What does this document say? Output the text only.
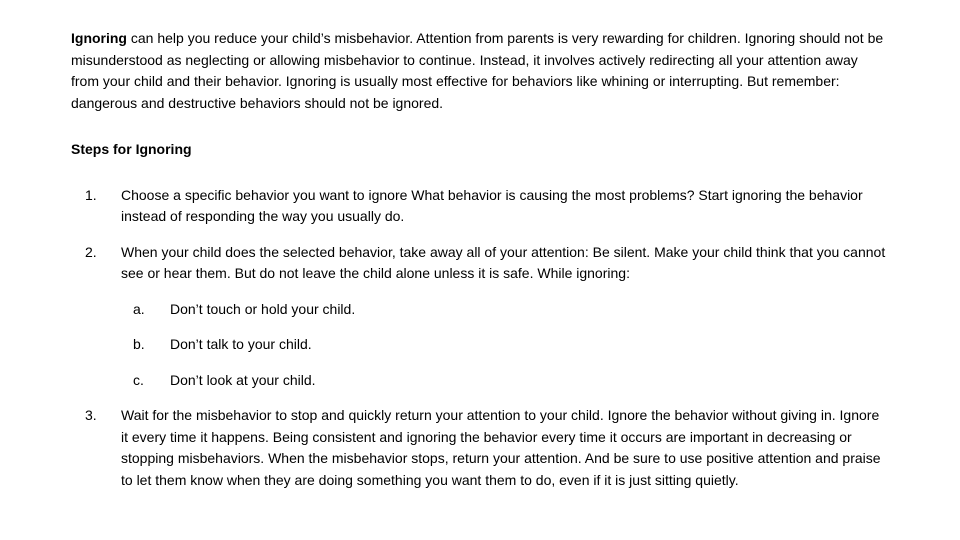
Ignoring can help you reduce your child’s misbehavior. Attention from parents is very rewarding for children. Ignoring should not be misunderstood as neglecting or allowing misbehavior to continue. Instead, it involves actively redirecting all your attention away from your child and their behavior. Ignoring is usually most effective for behaviors like whining or interrupting. But remember: dangerous and destructive behaviors should not be ignored.

Steps for Ignoring
1.	Choose a specific behavior you want to ignore What behavior is causing the most problems? Start ignoring the behavior instead of responding the way you usually do.
2.	When your child does the selected behavior, take away all of your attention: Be silent. Make your child think that you cannot see or hear them. But do not leave the child alone unless it is safe. While ignoring:
a.	Don’t touch or hold your child.
b.	Don’t talk to your child.
c.	Don’t look at your child.
3.	Wait for the misbehavior to stop and quickly return your attention to your child. Ignore the behavior without giving in. Ignore it every time it happens. Being consistent and ignoring the behavior every time it occurs are important in decreasing or stopping misbehaviors. When the misbehavior stops, return your attention. And be sure to use positive attention and praise to let them know when they are doing something you want them to do, even if it is just sitting quietly.
